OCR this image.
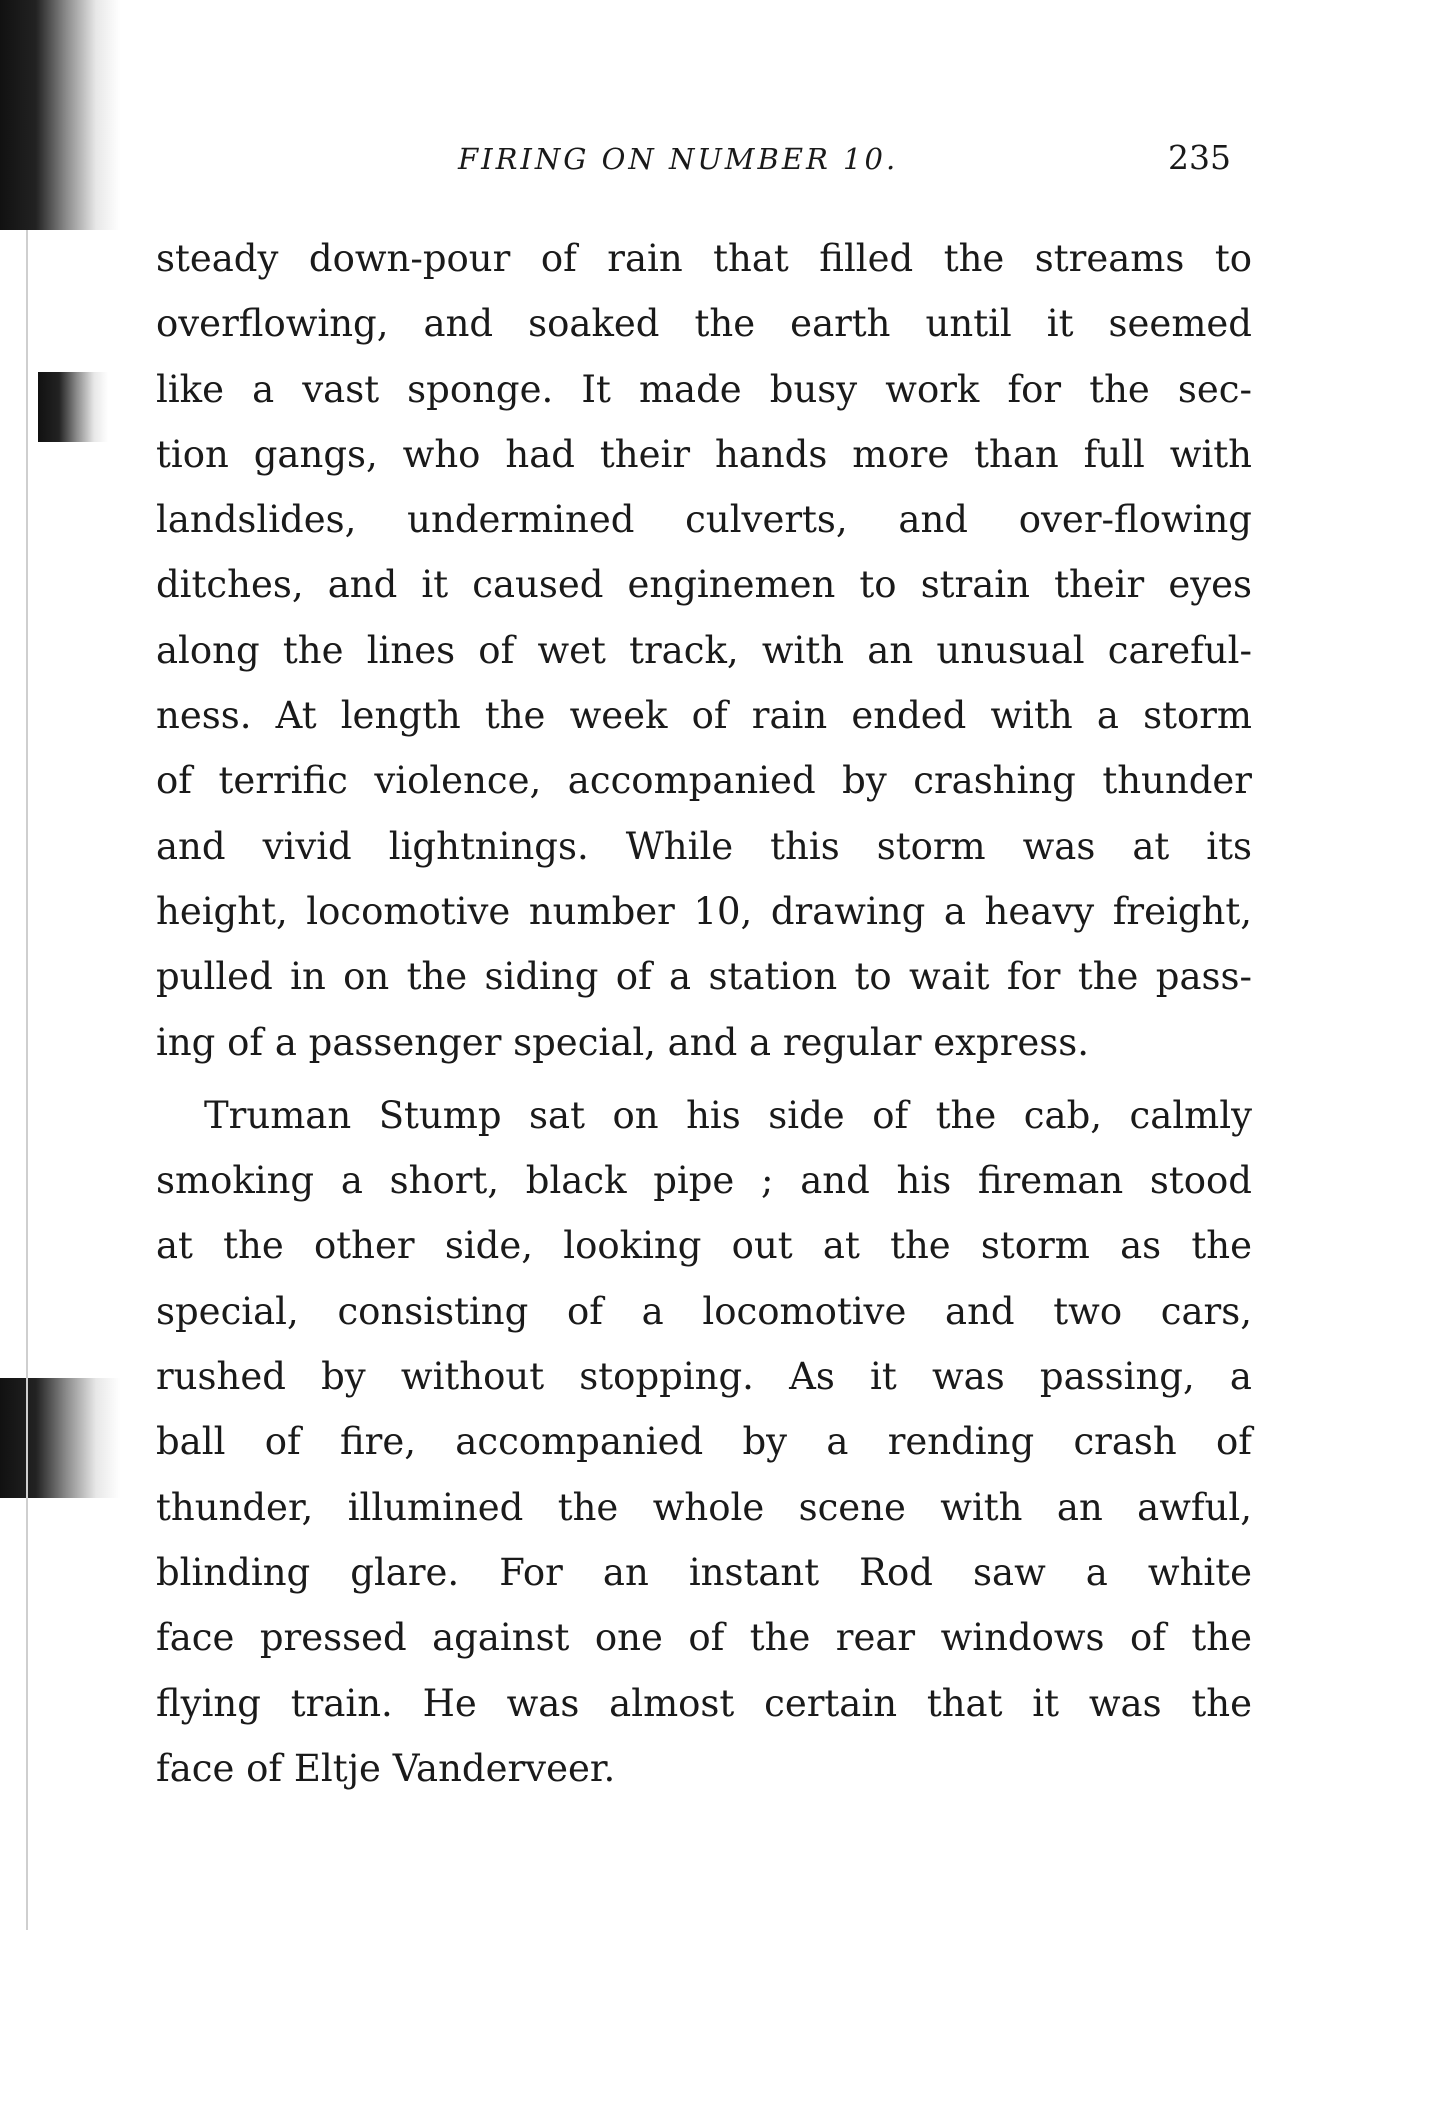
FIRING ON NUMBER 10.	235

steady down-pour of rain that filled the streams to
overflowing, and soaked the earth until it seemed
like a vast sponge. It made busy work for the sec-
tion gangs, who had their hands more than full with
landslides, undermined culverts, and over-flowing
ditches, and it caused enginemen to strain their eyes
along the lines of wet track, with an unusual careful-
ness. At length the week of rain ended with a storm
of terrific violence, accompanied by crashing thunder
and vivid lightnings. While this storm was at its
height, locomotive number 10, drawing a heavy freight,
pulled in on the siding of a station to wait for the pass-
ing of a passenger special, and a regular express.

Truman Stump sat on his side of the cab, calmly
smoking a short, black pipe ; and his fireman stood
at the other side, looking out at the storm as the
special, consisting of a locomotive and two cars,
rushed by without stopping. As it was passing, a
ball of fire, accompanied by a rending crash of
thunder, illumined the whole scene with an awful,
blinding glare. For an instant Rod saw a white
face pressed against one of the rear windows of the
flying train. He was almost certain that it was the
face of Eltje Vanderveer.
